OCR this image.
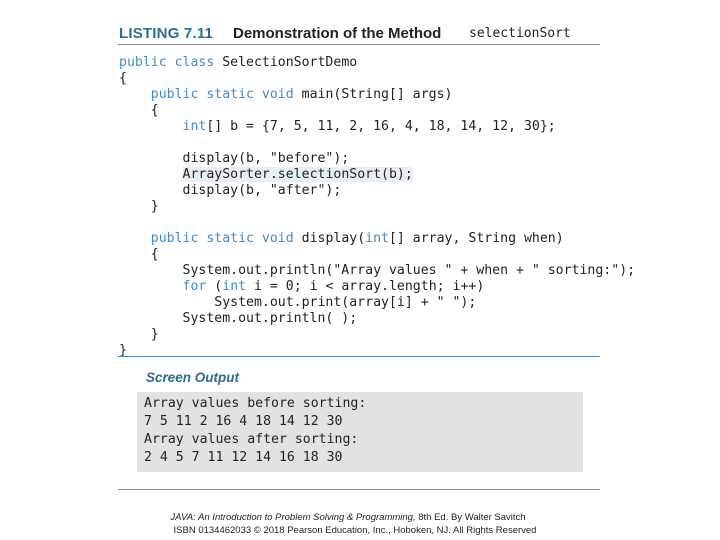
LISTING 7.11 Demonstration of the Method selectionSort
public class SelectionSortDemo
{
public static void main(String[] args)
{
int[] b = {7, 5, 11, 2, 16, 4, 18, 14, 12, 30};
display(b, "before");
ArraySorter.selectionSort(b);
display(b, "after");
}
public static void display(int[] array, String when)
{
System.out.println("Array values " + when + " sorting:");
for (int i = 0; i < array.length; i++)
System.out.print(array[i] + " ");
System.out.println( );
}
}
Screen Output
Array values before sorting:
7 5 11 2 16 4 18 14 12 30
Array values after sorting:
2 4 5 7 11 12 14 16 18 30
JAVA: An Introduction to Problem Solving & Programming, 8th Ed. By Walter Savitch
ISBN 0134462033 © 2018 Pearson Education, Inc., Hoboken, NJ. All Rights Reserved
